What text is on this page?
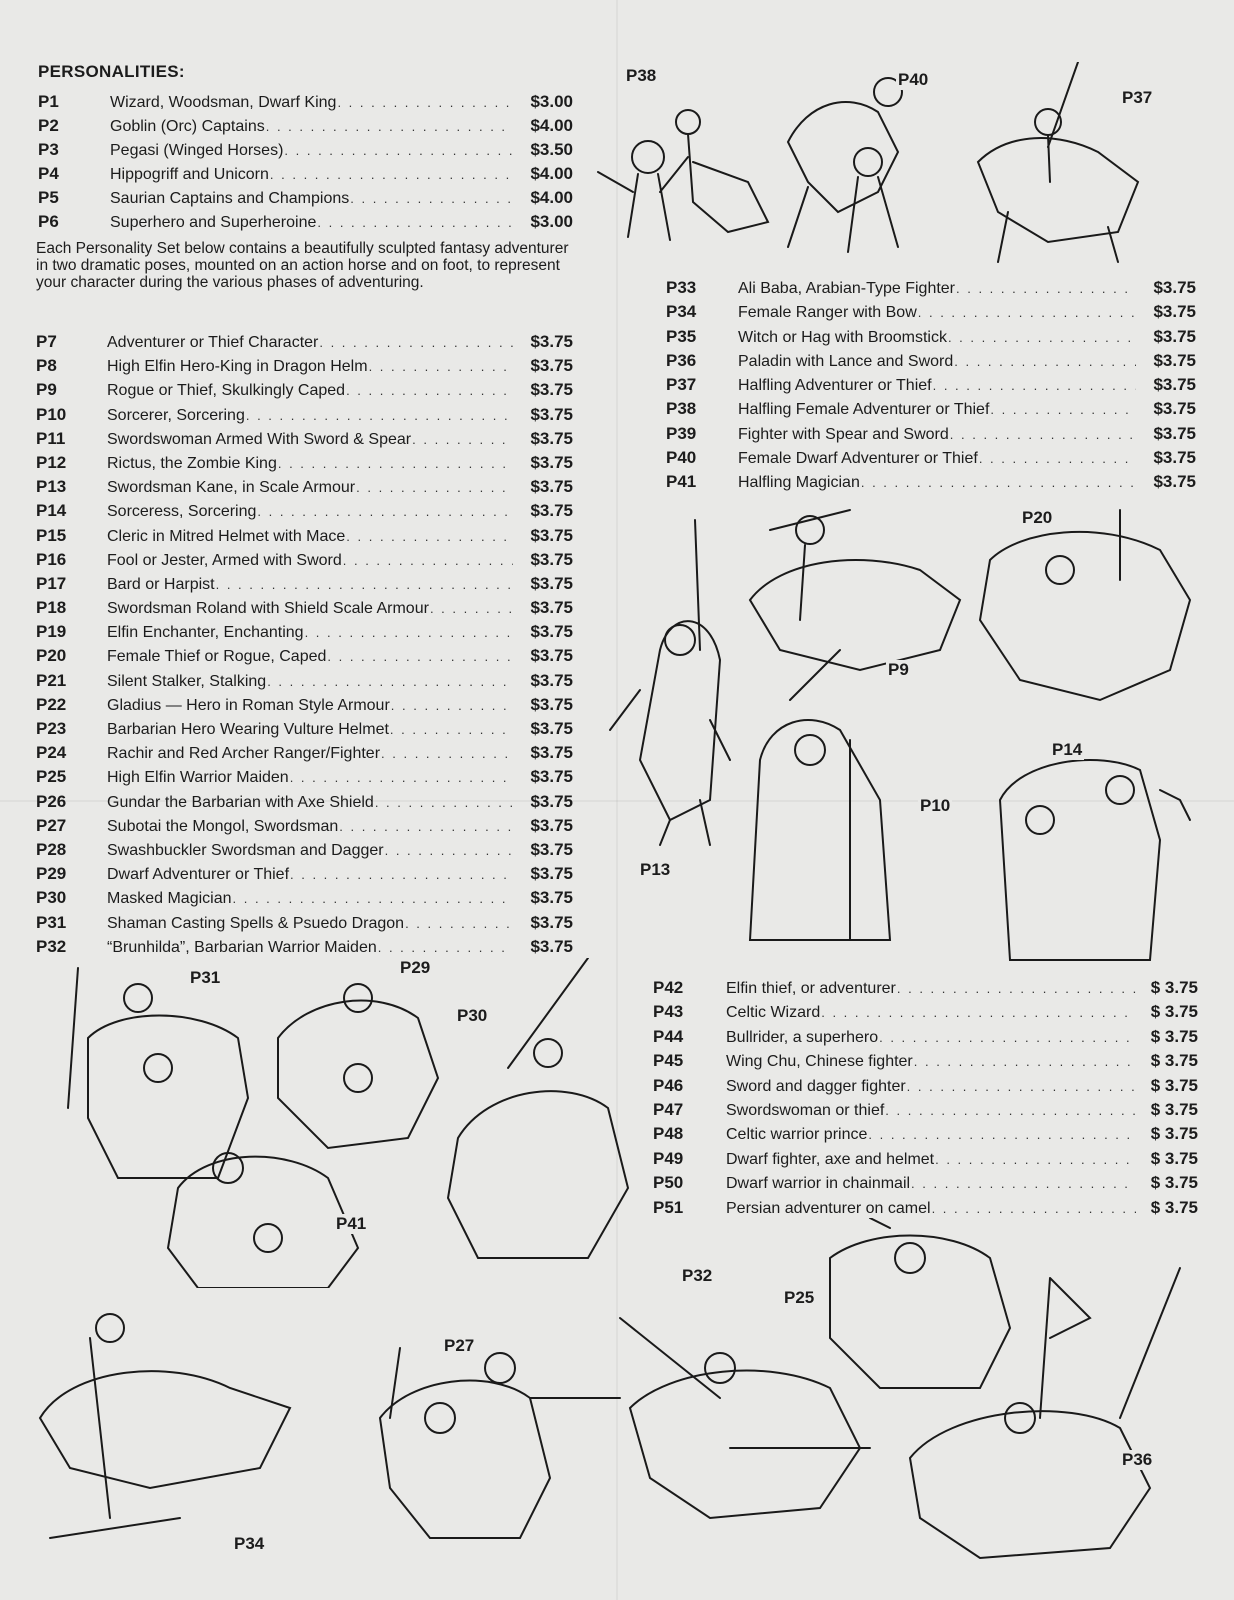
PERSONALITIES:
P1	Wizard, Woodsman, Dwarf King . . .	$3.00
P2	Goblin (Orc) Captains . . .	$4.00
P3	Pegasi (Winged Horses) . . .	$3.50
P4	Hippogriff and Unicorn . . .	$4.00
P5	Saurian Captains and Champions . . .	$4.00
P6	Superhero and Superheroine . . .	$3.00

Each Personality Set below contains a beautifully sculpted fantasy adventurer in two dramatic poses, mounted on an action horse and on foot, to represent your character during the various phases of adventuring.

P7	Adventurer or Thief Character . . .	$3.75
P8	High Elfin Hero-King in Dragon Helm . . .	$3.75
P9	Rogue or Thief, Skulkingly Caped . . .	$3.75
P10	Sorcerer, Sorcering . . .	$3.75
P11	Swordswoman Armed With Sword & Spear . . .	$3.75
P12	Rictus, the Zombie King . . .	$3.75
P13	Swordsman Kane, in Scale Armour . . .	$3.75
P14	Sorceress, Sorcering . . .	$3.75
P15	Cleric in Mitred Helmet with Mace . . .	$3.75
P16	Fool or Jester, Armed with Sword . . .	$3.75
P17	Bard or Harpist . . .	$3.75
P18	Swordsman Roland with Shield Scale Armour . . .	$3.75
P19	Elfin Enchanter, Enchanting . . .	$3.75
P20	Female Thief or Rogue, Caped . . .	$3.75
P21	Silent Stalker, Stalking . . .	$3.75
P22	Gladius — Hero in Roman Style Armour . . .	$3.75
P23	Barbarian Hero Wearing Vulture Helmet . . .	$3.75
P24	Rachir and Red Archer Ranger/Fighter . . .	$3.75
P25	High Elfin Warrior Maiden . . .	$3.75
P26	Gundar the Barbarian with Axe Shield . . .	$3.75
P27	Subotai the Mongol, Swordsman . . .	$3.75
P28	Swashbuckler Swordsman and Dagger . . .	$3.75
P29	Dwarf Adventurer or Thief . . .	$3.75
P30	Masked Magician . . .	$3.75
P31	Shaman Casting Spells & Psuedo Dragon . . .	$3.75
P32	“Brunhilda”, Barbarian Warrior Maiden . . .	$3.75
P33	Ali Baba, Arabian-Type Fighter . . .	$3.75
P34	Female Ranger with Bow . . .	$3.75
P35	Witch or Hag with Broomstick . . .	$3.75
P36	Paladin with Lance and Sword . . .	$3.75
P37	Halfling Adventurer or Thief . . .	$3.75
P38	Halfling Female Adventurer or Thief . . .	$3.75
P39	Fighter with Spear and Sword . . .	$3.75
P40	Female Dwarf Adventurer or Thief . . .	$3.75
P41	Halfling Magician . . .	$3.75
P42	Elfin thief, or adventurer . . .	$ 3.75
P43	Celtic Wizard . . .	$ 3.75
P44	Bullrider, a superhero . . .	$ 3.75
P45	Wing Chu, Chinese fighter . . .	$ 3.75
P46	Sword and dagger fighter . . .	$ 3.75
P47	Swordswoman or thief . . .	$ 3.75
P48	Celtic warrior prince . . .	$ 3.75
P49	Dwarf fighter, axe and helmet . . .	$ 3.75
P50	Dwarf warrior in chainmail . . .	$ 3.75
P51	Persian adventurer on camel . . .	$ 3.75
P38	P40
P37
P20
P9
P14
P10
P13
P31
P29
P30
P41
P32
P25
P27
P36
P34
